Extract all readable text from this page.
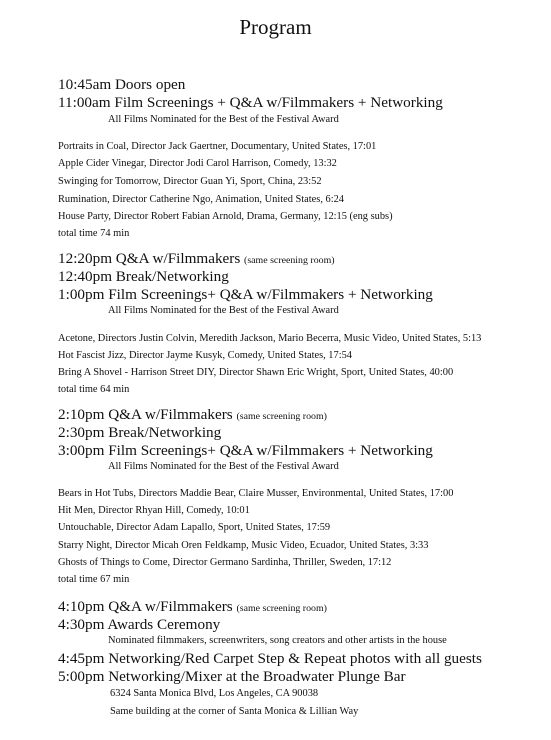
Program
10:45am Doors open
11:00am Film Screenings + Q&A w/Filmmakers + Networking
All Films Nominated for the Best of the Festival Award
Portraits in Coal, Director Jack Gaertner, Documentary, United States, 17:01
Apple Cider Vinegar, Director Jodi Carol Harrison, Comedy, 13:32
Swinging for Tomorrow, Director Guan Yi, Sport, China, 23:52
Rumination, Director Catherine Ngo, Animation, United States, 6:24
House Party, Director Robert Fabian Arnold, Drama, Germany, 12:15 (eng subs)
total time 74 min
12:20pm Q&A w/Filmmakers (same screening room)
12:40pm Break/Networking
1:00pm Film Screenings+ Q&A w/Filmmakers + Networking
All Films Nominated for the Best of the Festival Award
Acetone, Directors Justin Colvin, Meredith Jackson, Mario Becerra, Music Video, United States, 5:13
Hot Fascist Jizz, Director Jayme Kusyk, Comedy, United States, 17:54
Bring A Shovel - Harrison Street DIY, Director Shawn Eric Wright, Sport, United States, 40:00
total time 64 min
2:10pm Q&A w/Filmmakers (same screening room)
2:30pm Break/Networking
3:00pm Film Screenings+ Q&A w/Filmmakers + Networking
All Films Nominated for the Best of the Festival Award
Bears in Hot Tubs, Directors Maddie Bear, Claire Musser, Environmental, United States, 17:00
Hit Men, Director Rhyan Hill, Comedy, 10:01
Untouchable, Director Adam Lapallo, Sport, United States, 17:59
Starry Night, Director Micah Oren Feldkamp, Music Video, Ecuador, United States, 3:33
Ghosts of Things to Come, Director Germano Sardinha, Thriller, Sweden, 17:12
total time 67 min
4:10pm Q&A w/Filmmakers (same screening room)
4:30pm Awards Ceremony
Nominated filmmakers, screenwriters, song creators and other artists in the house
4:45pm Networking/Red Carpet Step & Repeat photos with all guests
5:00pm Networking/Mixer at the Broadwater Plunge Bar
6324 Santa Monica Blvd, Los Angeles, CA 90038
Same building at the corner of Santa Monica & Lillian Way
